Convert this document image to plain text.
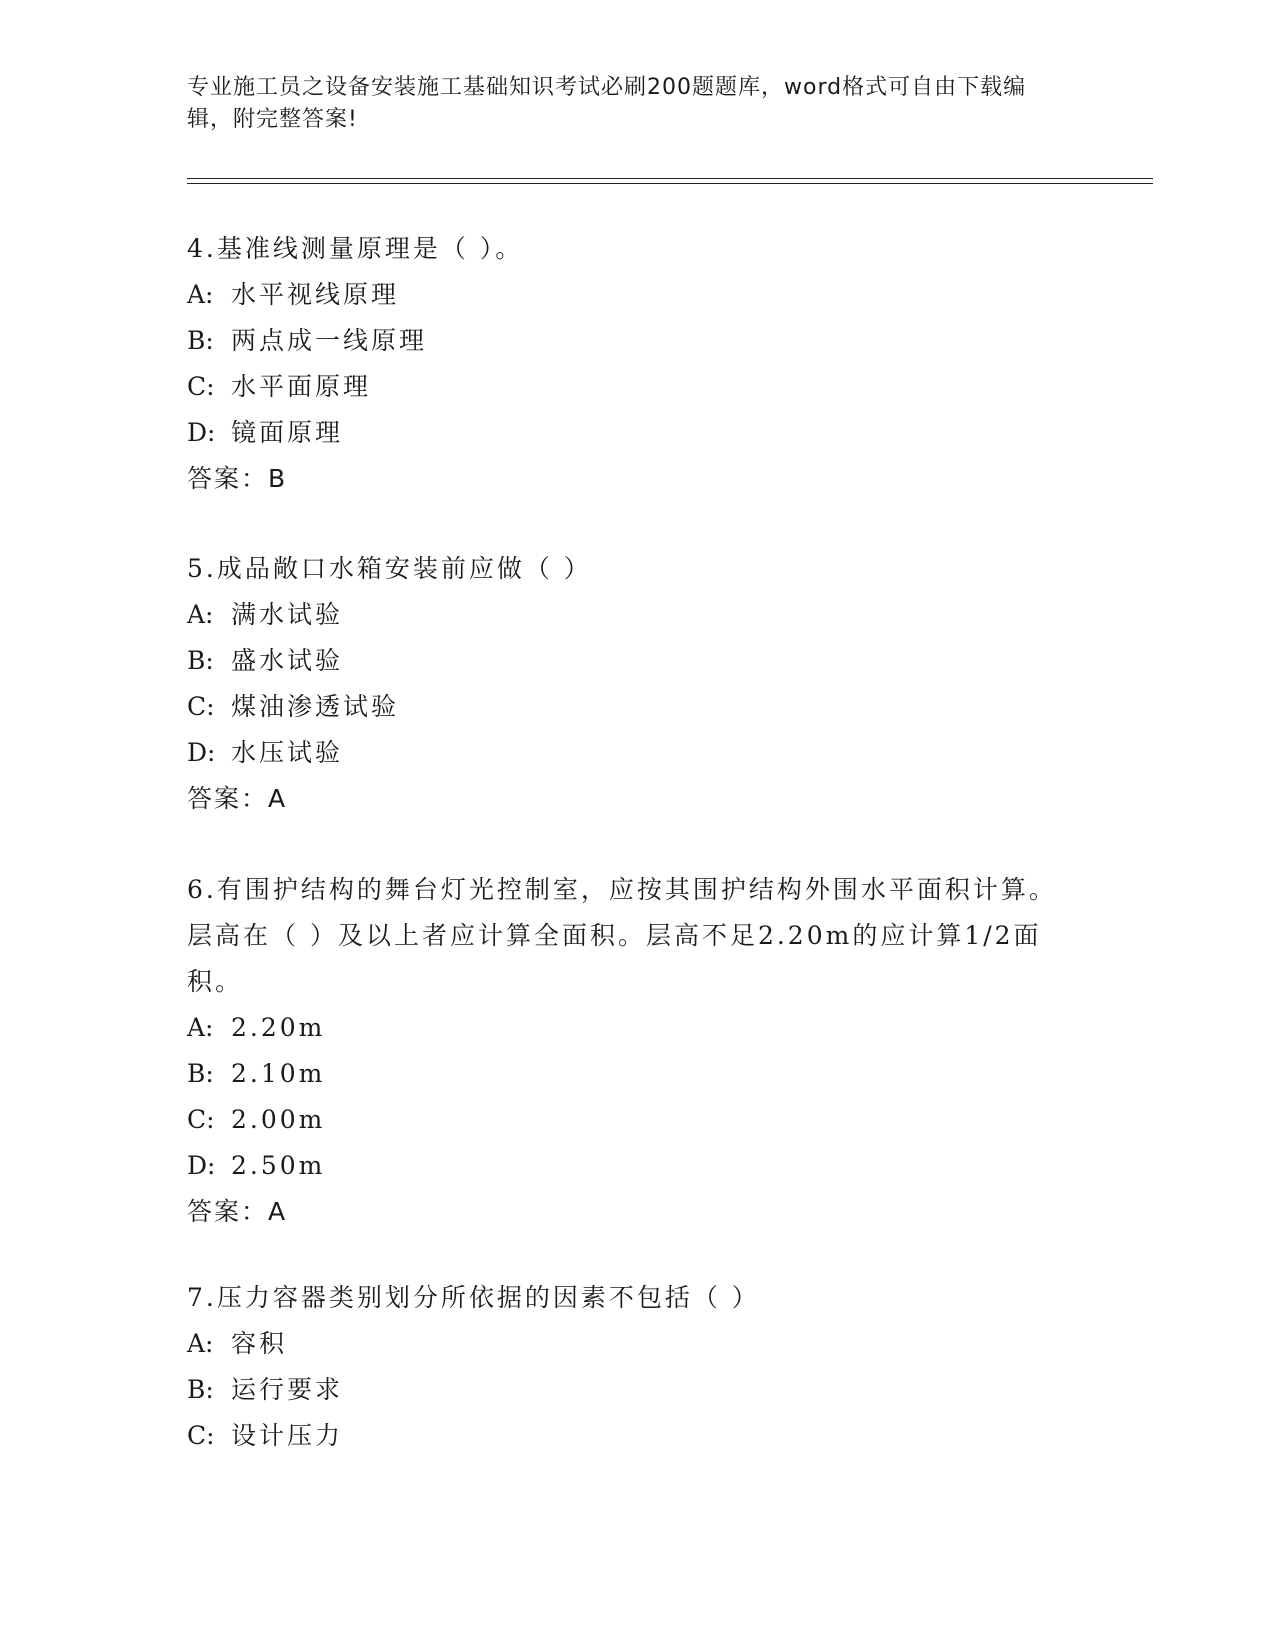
专业施工员之设备安装施工基础知识考试必刷200题题库，word格式可自由下载编辑，附完整答案!
4.基准线测量原理是（ ）。
A: 水平视线原理
B: 两点成一线原理
C: 水平面原理
D: 镜面原理
答案：B
5.成品敞口水箱安装前应做（ ）
A: 满水试验
B: 盛水试验
C: 煤油渗透试验
D: 水压试验
答案：A
6.有围护结构的舞台灯光控制室，应按其围护结构外围水平面积计算。层高在（ ）及以上者应计算全面积。层高不足2.20m的应计算1/2面积。
A: 2.20m
B: 2.10m
C: 2.00m
D: 2.50m
答案：A
7.压力容器类别划分所依据的因素不包括（ ）
A: 容积
B: 运行要求
C: 设计压力
